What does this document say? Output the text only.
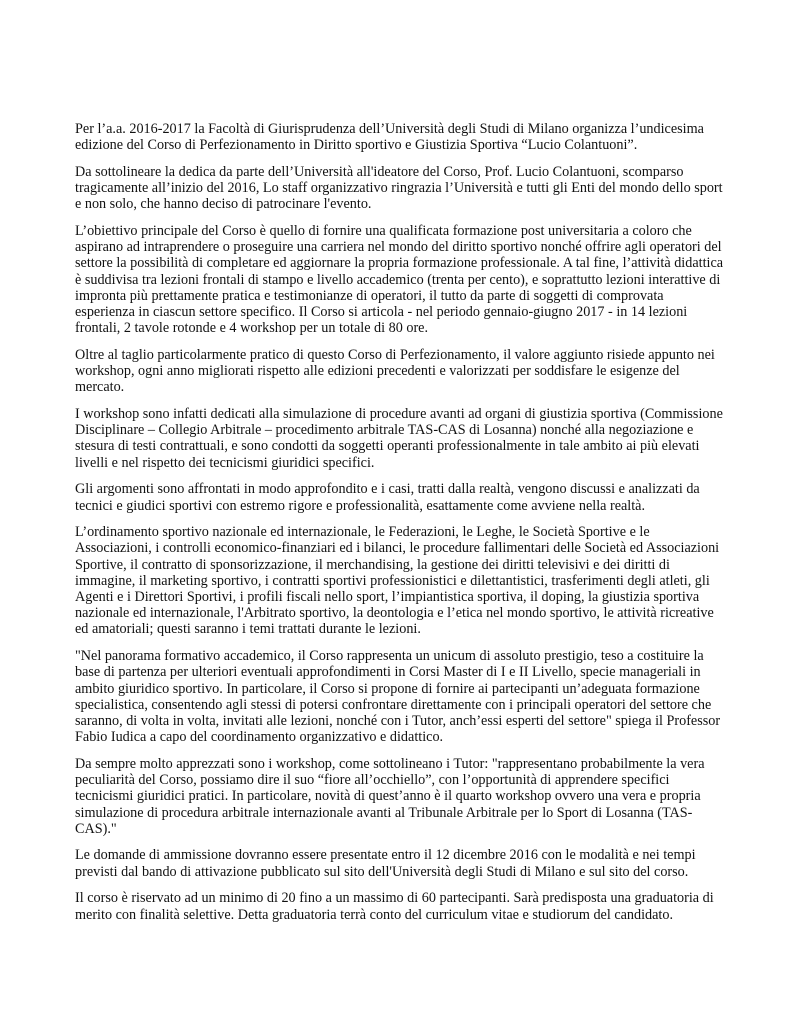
Per l’a.a. 2016-2017 la Facoltà di Giurisprudenza dell’Università degli Studi di Milano organizza l’undicesima edizione del Corso di Perfezionamento in Diritto sportivo e Giustizia Sportiva “Lucio Colantuoni”.

Da sottolineare la dedica da parte dell’Università all'ideatore del Corso, Prof. Lucio Colantuoni, scomparso tragicamente all’inizio del 2016, Lo staff organizzativo ringrazia l’Università e tutti gli Enti del mondo dello sport e non solo, che hanno deciso di patrocinare l'evento.

L’obiettivo principale del Corso è quello di fornire una qualificata formazione post universitaria a coloro che aspirano ad intraprendere o proseguire una carriera nel mondo del diritto sportivo nonché offrire agli operatori del settore la possibilità di completare ed aggiornare la propria formazione professionale. A tal fine, l’attività didattica è suddivisa tra lezioni frontali di stampo e livello accademico (trenta per cento), e soprattutto lezioni interattive di impronta più prettamente pratica e testimonianze di operatori, il tutto da parte di soggetti di comprovata esperienza in ciascun settore specifico. Il Corso si articola - nel periodo gennaio-giugno 2017 - in 14 lezioni frontali, 2 tavole rotonde e 4 workshop per un totale di 80 ore.

Oltre al taglio particolarmente pratico di questo Corso di Perfezionamento, il valore aggiunto risiede appunto nei workshop, ogni anno migliorati rispetto alle edizioni precedenti e valorizzati per soddisfare le esigenze del mercato.

I workshop sono infatti dedicati alla simulazione di procedure avanti ad organi di giustizia sportiva (Commissione Disciplinare – Collegio Arbitrale – procedimento arbitrale TAS-CAS di Losanna) nonché alla negoziazione e stesura di testi contrattuali, e sono condotti da soggetti operanti professionalmente in tale ambito ai più elevati livelli e nel rispetto dei tecnicismi giuridici specifici.

Gli argomenti sono affrontati in modo approfondito e i casi, tratti dalla realtà, vengono discussi e analizzati da tecnici e giudici sportivi con estremo rigore e professionalità, esattamente come avviene nella realtà.

L’ordinamento sportivo nazionale ed internazionale, le Federazioni, le Leghe, le Società Sportive e le Associazioni, i controlli economico-finanziari ed i bilanci, le procedure fallimentari delle Società ed Associazioni Sportive, il contratto di sponsorizzazione, il merchandising, la gestione dei diritti televisivi e dei diritti di immagine, il marketing sportivo, i contratti sportivi professionistici e dilettantistici, trasferimenti degli atleti, gli Agenti e i Direttori Sportivi, i profili fiscali nello sport, l’impiantistica sportiva, il doping, la giustizia sportiva nazionale ed internazionale, l'Arbitrato sportivo, la deontologia e l’etica nel mondo sportivo, le attività ricreative ed amatoriali; questi saranno i temi trattati durante le lezioni.

"Nel panorama formativo accademico, il Corso rappresenta un unicum di assoluto prestigio, teso a costituire la base di partenza per ulteriori eventuali approfondimenti in Corsi Master di I e II Livello, specie manageriali in ambito giuridico sportivo. In particolare, il Corso si propone di fornire ai partecipanti un’adeguata formazione specialistica, consentendo agli stessi di potersi confrontare direttamente con i principali operatori del settore che saranno, di volta in volta, invitati alle lezioni, nonché con i Tutor, anch’essi esperti del settore" spiega il Professor Fabio Iudica a capo del coordinamento organizzativo e didattico.

Da sempre molto apprezzati sono i workshop, come sottolineano i Tutor: "rappresentano probabilmente la vera peculiarità del Corso, possiamo dire il suo “fiore all’occhiello”, con l’opportunità di apprendere specifici tecnicismi giuridici pratici. In particolare, novità di quest’anno è il quarto workshop ovvero una vera e propria simulazione di procedura arbitrale internazionale avanti al Tribunale Arbitrale per lo Sport di Losanna (TAS-CAS)."

Le domande di ammissione dovranno essere presentate entro il 12 dicembre 2016 con le modalità e nei tempi previsti dal bando di attivazione pubblicato sul sito dell'Università degli Studi di Milano e sul sito del corso.

Il corso è riservato ad un minimo di 20 fino a un massimo di 60 partecipanti. Sarà predisposta una graduatoria di merito con finalità selettive. Detta graduatoria terrà conto del curriculum vitae e studiorum del candidato.
